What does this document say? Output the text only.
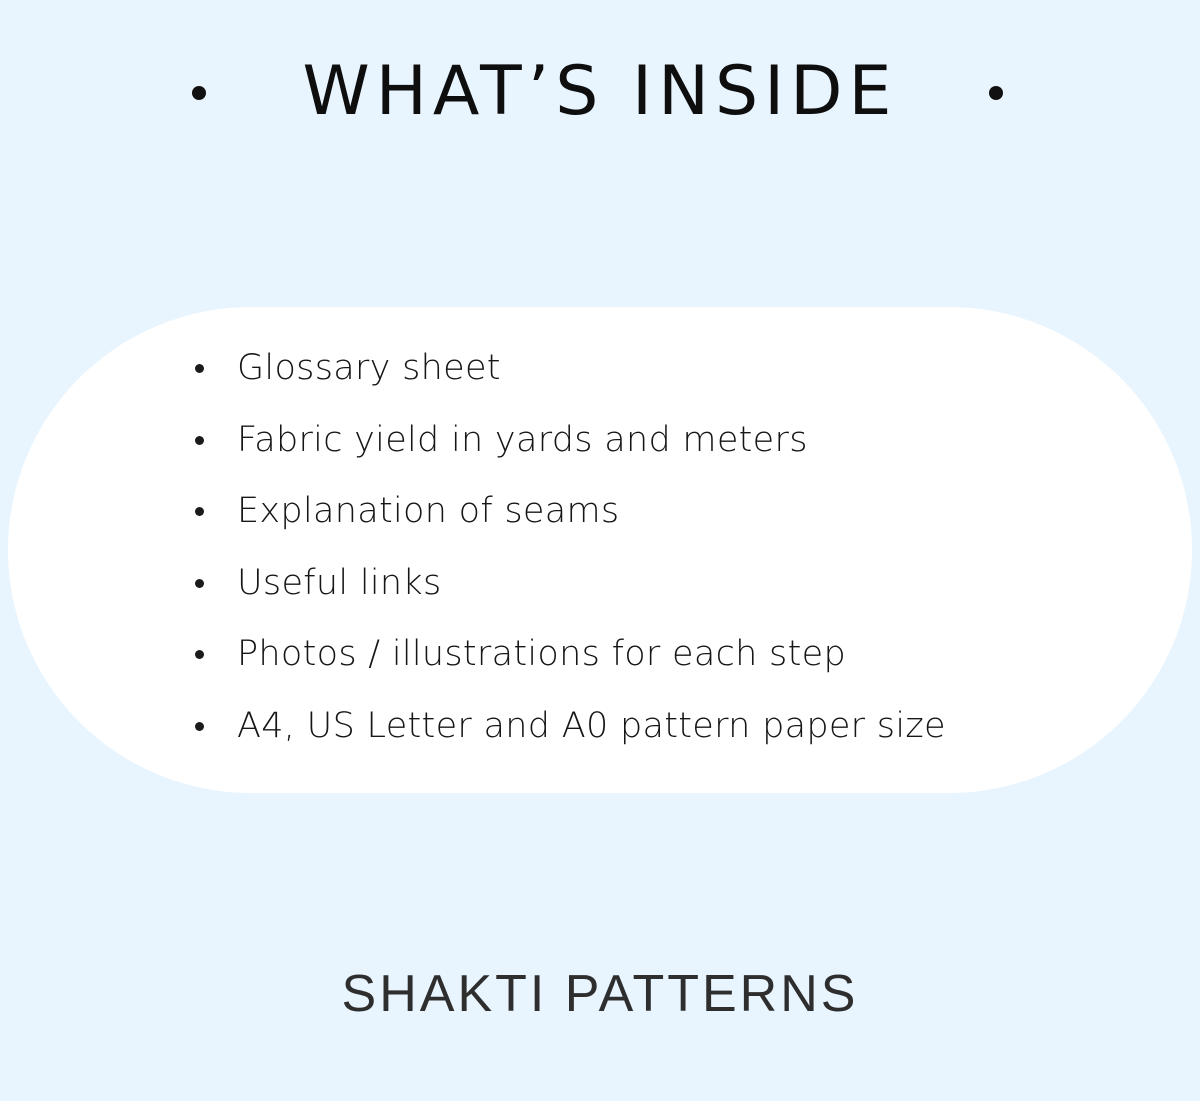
WHAT’S INSIDE
Glossary sheet
Fabric yield in yards and meters
Explanation of seams
Useful links
Photos / illustrations for each step
A4, US Letter and A0 pattern paper size
SHAKTI PATTERNS
